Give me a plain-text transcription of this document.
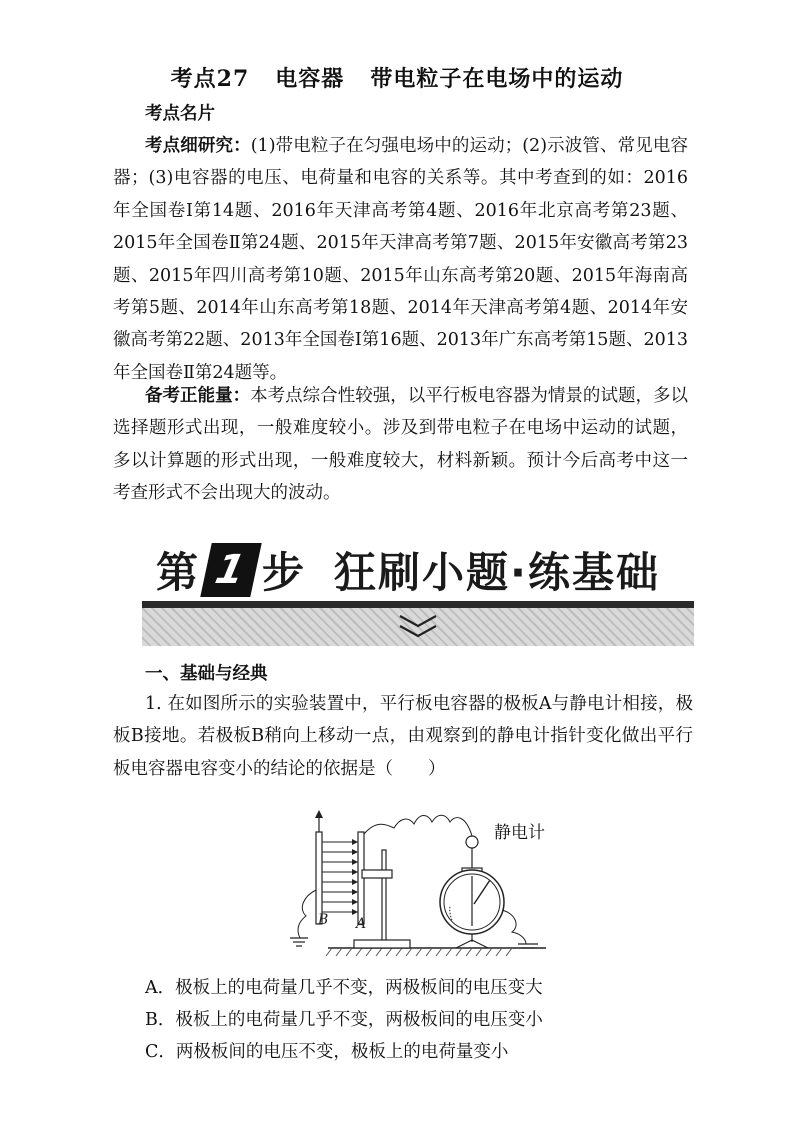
考点27 电容器 带电粒子在电场中的运动
考点名片
考点细研究：(1)带电粒子在匀强电场中的运动；(2)示波管、常见电容器；(3)电容器的电压、电荷量和电容的关系等。其中考查到的如：2016年全国卷Ⅰ第14题、2016年天津高考第4题、2016年北京高考第23题、2015年全国卷Ⅱ第24题、2015年天津高考第7题、2015年安徽高考第23题、2015年四川高考第10题、2015年山东高考第20题、2015年海南高考第5题、2014年山东高考第18题、2014年天津高考第4题、2014年安徽高考第22题、2013年全国卷Ⅰ第16题、2013年广东高考第15题、2013年全国卷Ⅱ第24题等。
备考正能量：本考点综合性较强，以平行板电容器为情景的试题，多以选择题形式出现，一般难度较小。涉及到带电粒子在电场中运动的试题，多以计算题的形式出现，一般难度较大，材料新颖。预计今后高考中这一考查形式不会出现大的波动。
第 1 步 狂刷小题·练基础
一、基础与经典
1. 在如图所示的实验装置中，平行板电容器的极板A与静电计相接，极板B接地。若极板B稍向上移动一点，由观察到的静电计指针变化做出平行板电容器电容变小的结论的依据是（　　）
B A
静电计
A．极板上的电荷量几乎不变，两极板间的电压变大
B．极板上的电荷量几乎不变，两极板间的电压变小
C．两极板间的电压不变，极板上的电荷量变小
